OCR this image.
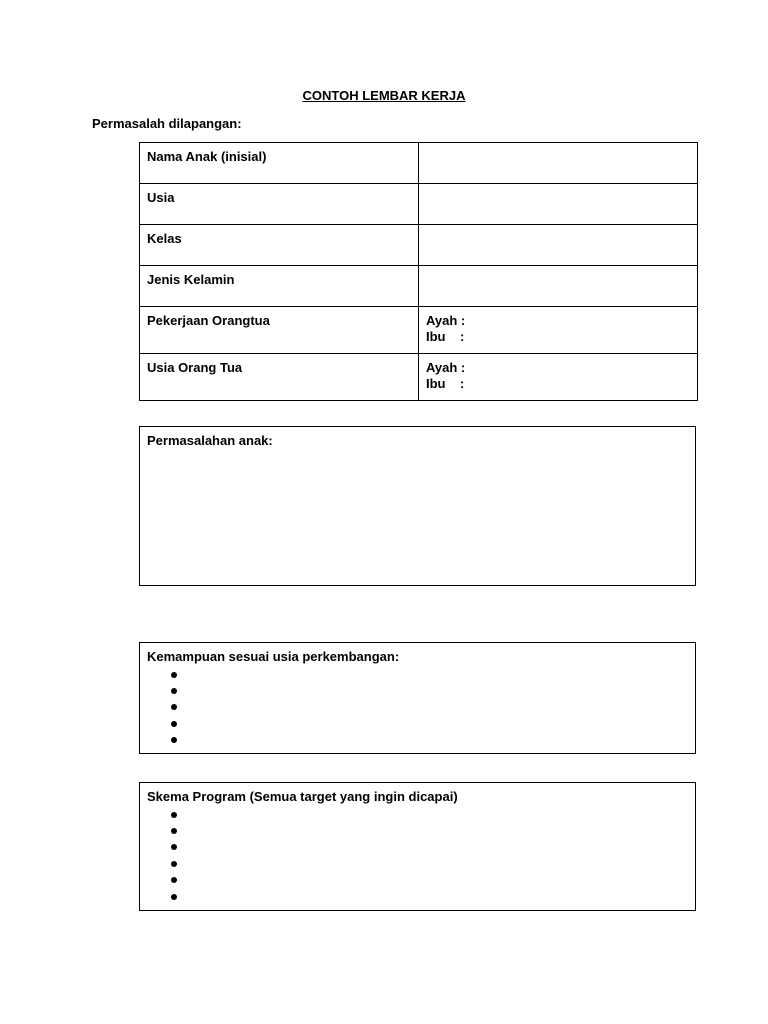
CONTOH LEMBAR KERJA
Permasalah dilapangan:
Nama Anak (inisial)	
Usia	
Kelas	
Jenis Kelamin	
Pekerjaan Orangtua	Ayah :
Ibu    :

Usia Orang Tua	Ayah :
Ibu    :
Permasalahan anak:
Kemampuan sesuai usia perkembangan:
Skema Program (Semua target yang ingin dicapai)
